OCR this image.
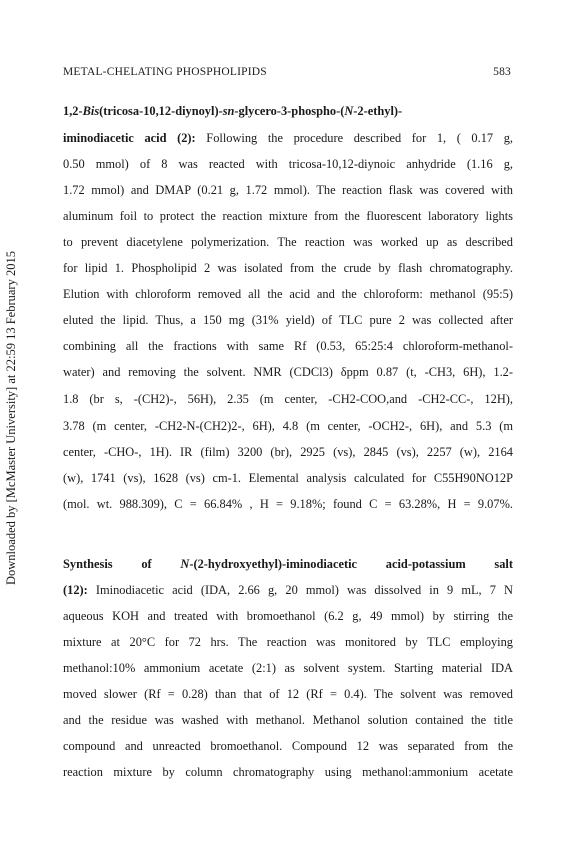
METAL-CHELATING PHOSPHOLIPIDS	583
Downloaded by [McMaster University] at 22:59 13 February 2015
1,2-Bis(tricosa-10,12-diynoyl)-sn-glycero-3-phospho-(N-2-ethyl)-
iminodiacetic acid (2): Following the procedure described for 1, ( 0.17 g,
0.50 mmol) of 8 was reacted with tricosa-10,12-diynoic anhydride (1.16 g,
1.72 mmol) and DMAP (0.21 g, 1.72 mmol). The reaction flask was covered with
aluminum foil to protect the reaction mixture from the fluorescent laboratory lights
to prevent diacetylene polymerization. The reaction was worked up as described
for lipid 1. Phospholipid 2 was isolated from the crude by flash chromatography.
Elution with chloroform removed all the acid and the chloroform: methanol (95:5)
eluted the lipid. Thus, a 150 mg (31% yield) of TLC pure 2 was collected after
combining all the fractions with same Rf (0.53, 65:25:4 chloroform-methanol-
water) and removing the solvent. NMR (CDCl3) δppm 0.87 (t, -CH3, 6H), 1.2-
1.8 (br s, -(CH2)-, 56H), 2.35 (m center, -CH2-COO,and -CH2-CC-, 12H),
3.78 (m center, -CH2-N-(CH2)2-, 6H), 4.8 (m center, -OCH2-, 6H), and 5.3 (m
center, -CHO-, 1H). IR (film) 3200 (br), 2925 (vs), 2845 (vs), 2257 (w), 2164
(w), 1741 (vs), 1628 (vs) cm-1. Elemental analysis calculated for C55H90NO12P
(mol. wt. 988.309), C = 66.84% , H = 9.18%; found C = 63.28%, H = 9.07%.
Synthesis of N-(2-hydroxyethyl)-iminodiacetic acid-potassium salt
(12): Iminodiacetic acid (IDA, 2.66 g, 20 mmol) was dissolved in 9 mL, 7 N
aqueous KOH and treated with bromoethanol (6.2 g, 49 mmol) by stirring the
mixture at 20°C for 72 hrs. The reaction was monitored by TLC employing
methanol:10% ammonium acetate (2:1) as solvent system. Starting material IDA
moved slower (Rf = 0.28) than that of 12 (Rf = 0.4). The solvent was removed
and the residue was washed with methanol. Methanol solution contained the title
compound and unreacted bromoethanol. Compound 12 was separated from the
reaction mixture by column chromatography using methanol:ammonium acetate
